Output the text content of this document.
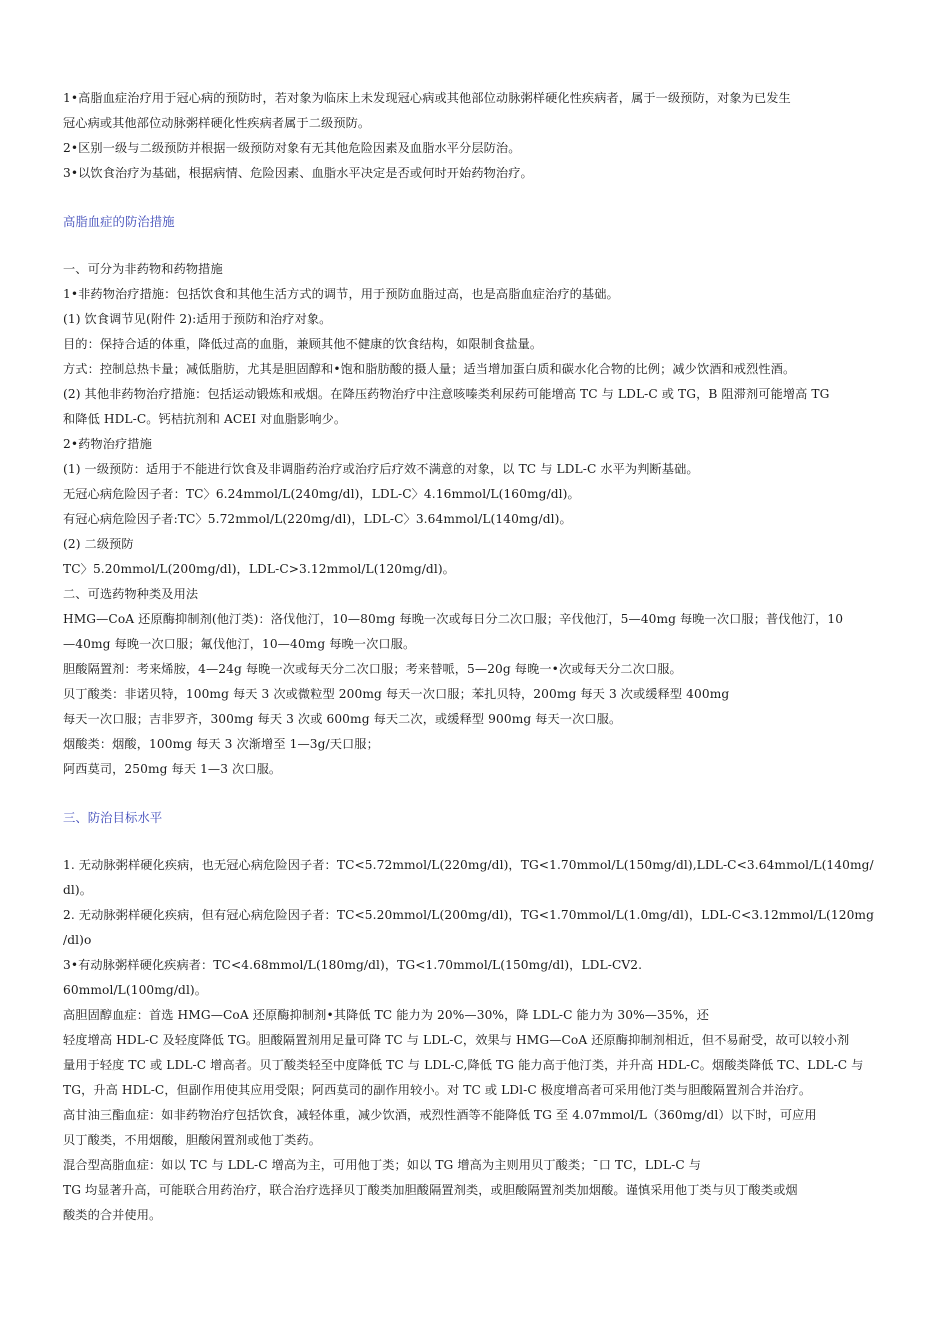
1•高脂血症治疗用于冠心病的预防时，若对象为临床上未发现冠心病或其他部位动脉粥样硬化性疾病者，属于一级预防，对象为已发生
冠心病或其他部位动脉粥样硬化性疾病者属于二级预防。
2•区别一级与二级预防并根据一级预防对象有无其他危险因素及血脂水平分层防治。
3•以饮食治疗为基础，根据病情、危险因素、血脂水平决定是否或何时开始药物治疗。
高脂血症的防治措施
一、可分为非药物和药物措施
1•非药物治疗措施：包括饮食和其他生活方式的调节，用于预防血脂过高，也是高脂血症治疗的基础。
(1) 饮食调节见(附件 2):适用于预防和治疗对象。
目的：保持合适的体重，降低过高的血脂，兼顾其他不健康的饮食结构，如限制食盐量。
方式：控制总热卡量；减低脂肪，尤其是胆固醇和•饱和脂肪酸的摄人量；适当增加蛋白质和碳水化合物的比例；减少饮酒和戒烈性酒。
(2) 其他非药物治疗措施：包括运动锻炼和戒烟。在降压药物治疗中注意咳嗪类利尿药可能增高 TC 与 LDL-C 或 TG，B 阻滞剂可能增高 TG
和降低 HDL-C。钙桔抗剂和 ACEI 对血脂影响少。
2•药物治疗措施
(1) 一级预防：适用于不能进行饮食及非调脂药治疗或治疗后疗效不满意的对象，以 TC 与 LDL-C 水平为判断基础。
无冠心病危险因子者：TC〉6.24mmol/L(240mg/dl)，LDL-C〉4.16mmol/L(160mg/dl)。
有冠心病危险因子者:TC〉5.72mmol/L(220mg/dl)，LDL-C〉3.64mmol/L(140mg/dl)。
(2) 二级预防
TC〉5.20mmol/L(200mg/dl)，LDL-C>3.12mmol/L(120mg/dl)。
二、可选药物种类及用法
HMG—CoA 还原酶抑制剂(他汀类)：洛伐他汀，10—80mg 每晚一次或每日分二次口服；辛伐他汀，5—40mg 每晚一次口服；普伐他汀，10
—40mg 每晚一次口服；氟伐他汀，10—40mg 每晚一次口服。
胆酸隔置剂：考来烯胺，4—24g 每晚一次或每天分二次口服；考来替哌，5—20g 每晚一•次或每天分二次口服。
贝丁酸类：非诺贝特，100mg 每天 3 次或微粒型 200mg 每天一次口服；苯扎贝特，200mg 每天 3 次或缓释型 400mg
每天一次口服；吉非罗齐，300mg 每天 3 次或 600mg 每天二次，或缓释型 900mg 每天一次口服。
烟酸类：烟酸，100mg 每天 3 次渐增至 1—3g/天口服；
阿西莫司，250mg 每天 1—3 次口服。
三、防治目标水平
1. 无动脉粥样硬化疾病，也无冠心病危险因子者：TC<5.72mmol/L(220mg/dl)，TG<1.70mmol/L(150mg/dl),LDL-C<3.64mmol/L(140mg/
dl)。
2. 无动脉粥样硬化疾病，但有冠心病危险因子者：TC<5.20mmol/L(200mg/dl)，TG<1.70mmol/L(1.0mg/dl)，LDL-C<3.12mmol/L(120mg
/dl)o
3•有动脉粥样硬化疾病者：TC<4.68mmol/L(180mg/dl)，TG<1.70mmol/L(150mg/dl)，LDL-CV2.
60mmol/L(100mg/dl)。
高胆固醇血症：首选 HMG—CoA 还原酶抑制剂•其降低 TC 能力为 20%—30%，降 LDL-C 能力为 30%—35%，还
轻度增高 HDL-C 及轻度降低 TG。胆酸隔置剂用足量可降 TC 与 LDL-C，效果与 HMG—CoA 还原酶抑制剂相近，但不易耐受，故可以较小剂
量用于轻度 TC 或 LDL-C 增高者。贝丁酸类轻至中度降低 TC 与 LDL-C,降低 TG 能力高于他汀类，并升高 HDL-C。烟酸类降低 TC、LDL-C 与
TG，升高 HDL-C，但副作用使其应用受限；阿西莫司的副作用较小。对 TC 或 LDl-C 极度增高者可采用他汀类与胆酸隔置剂合并治疗。
高甘油三酯血症：如非药物治疗包括饮食，减轻体重，减少饮酒，戒烈性酒等不能降低 TG 至 4.07mmol/L（360mg/dl）以下时，可应用
贝丁酸类，不用烟酸，胆酸闲置剂或他丁类药。
混合型高脂血症：如以 TC 与 LDL-C 增高为主，可用他丁类；如以 TG 增高为主则用贝丁酸类；ˉ口 TC，LDL-C 与
TG 均显著升高，可能联合用药治疗，联合治疗选择贝丁酸类加胆酸隔置剂类，或胆酸隔置剂类加烟酸。谨慎采用他丁类与贝丁酸类或烟
酸类的合并使用。
